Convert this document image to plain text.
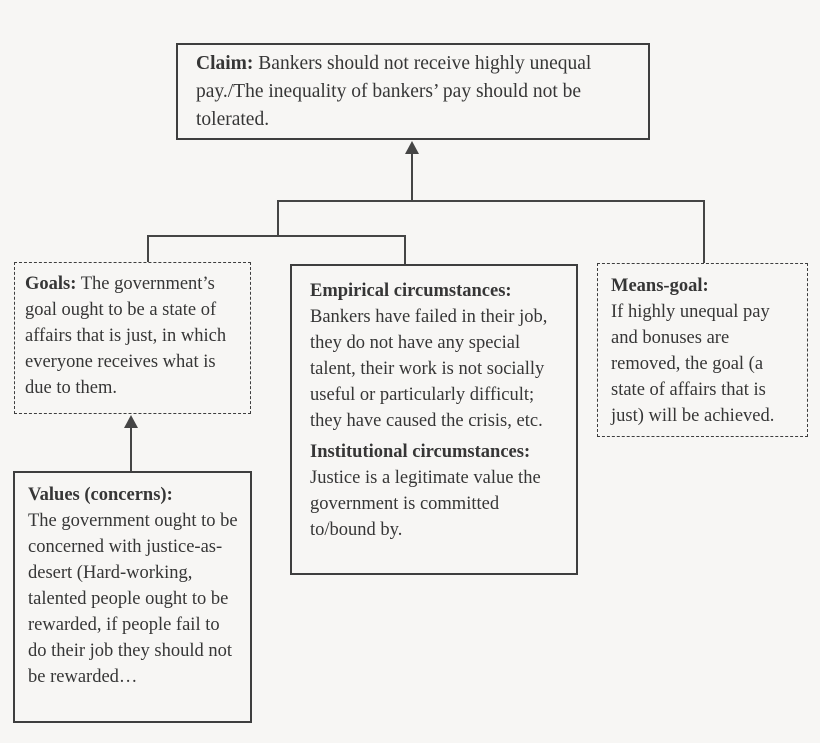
Claim: Bankers should not receive highly unequal pay./The inequality of bankers’ pay should not be tolerated.

Goals: The government’s goal ought to be a state of affairs that is just, in which everyone receives what is due to them.

Empirical circumstances:
Bankers have failed in their job, they do not have any special talent, their work is not socially useful or particularly difficult; they have caused the crisis, etc.

Institutional circumstances:
Justice is a legitimate value the government is committed to/bound by.

Means-goal:
If highly unequal pay and bonuses are removed, the goal (a state of affairs that is just) will be achieved.

Values (concerns):
The government ought to be concerned with justice-as-desert (Hard-working, talented people ought to be rewarded, if people fail to do their job they should not be rewarded…
